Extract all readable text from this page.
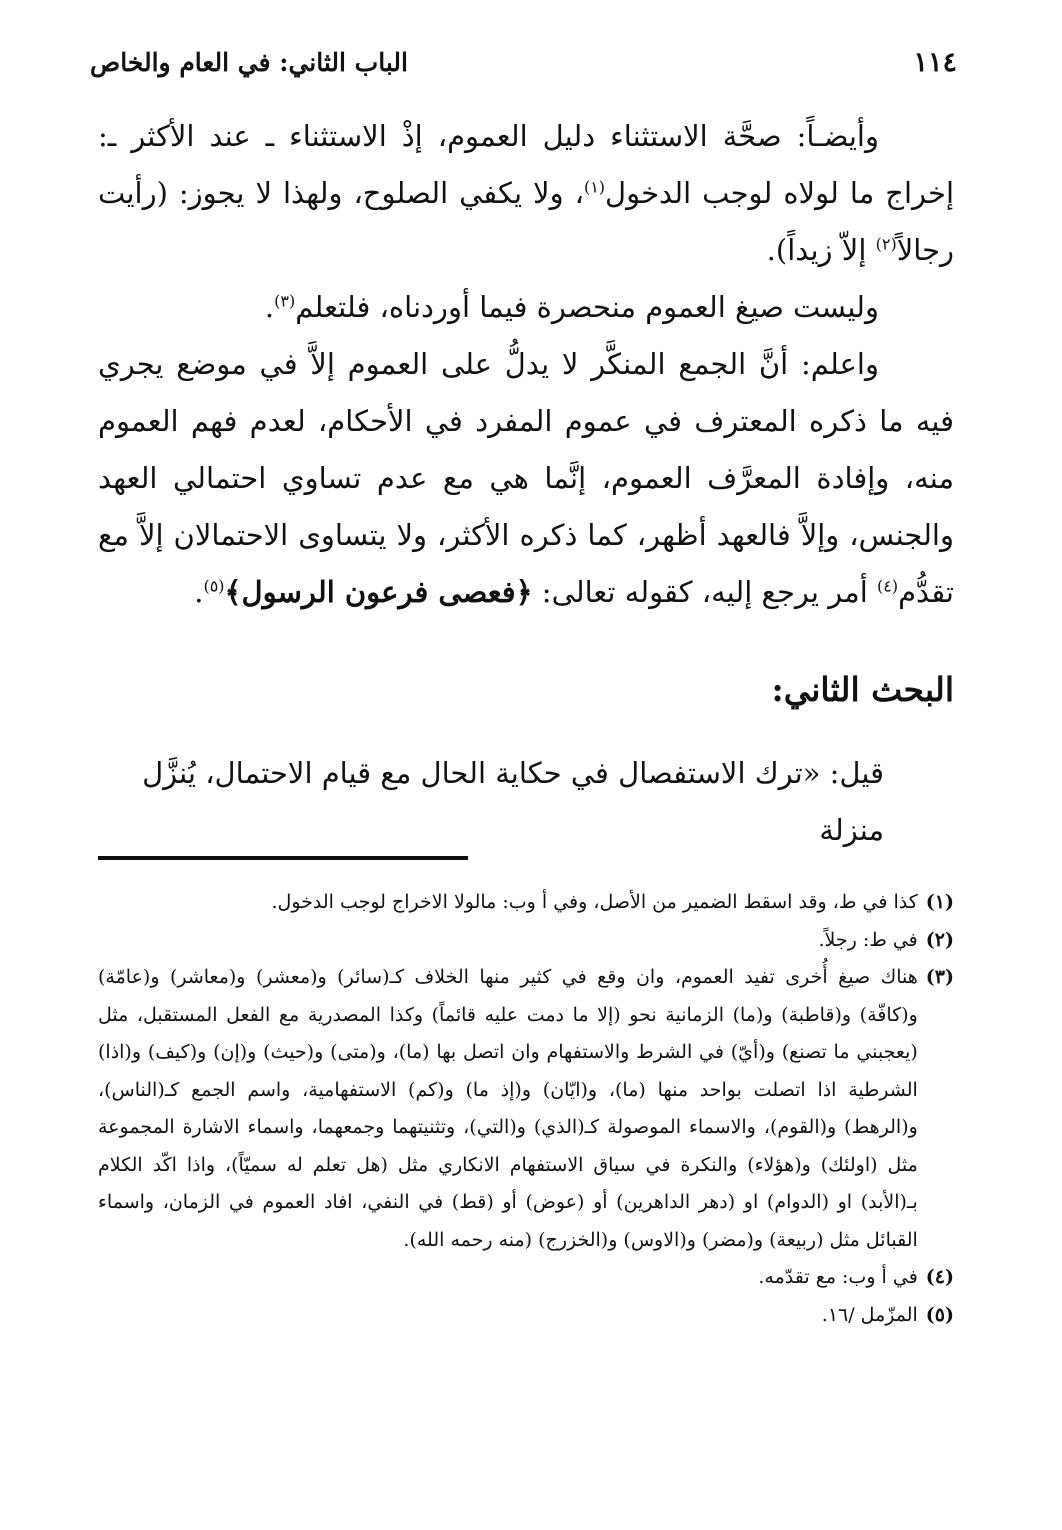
١١٤
الباب الثاني: في العام والخاص

وأيضـاً: صحَّة الاستثناء دليل العموم، إذْ الاستثناء ـ عند الأكثر ـ: إخراج ما لولاه لوجب الدخول$^{(١)}$، ولا يكفي الصلوح، ولهذا لا يجوز: (رأيت رجالاً$^{(٢)}$ إلاّ زيداً).

وليست صيغ العموم منحصرة فيما أوردناه، فلتعلم$^{(٣)}$.

واعلم: أنَّ الجمع المنكَّر لا يدلُّ على العموم إلاَّ في موضع يجري فيه ما ذكره المعترف في عموم المفرد في الأحكام، لعدم فهم العموم منه، وإفادة المعرَّف العموم، إنَّما هي مع عدم تساوي احتمالي العهد والجنس، وإلاَّ فالعهد أظهر، كما ذكره الأكثر، ولا يتساوى الاحتمالان إلاَّ مع تقدُّم$^{(٤)}$ أمر يرجع إليه، كقوله تعالى: ﴿فعصى فرعون الرسول﴾$^{(٥)}$.

البحث الثاني:

قيل: «ترك الاستفصال في حكاية الحال مع قيام الاحتمال، يُنزَّل منزلة

(١)
كذا في ط، وقد اسقط الضمير من الأصل، وفي أ وب: مالولا الاخراج لوجب الدخول.
(٢)
في ط: رجلاً.
(٣)
هناك صيغ أُخرى تفيد العموم، وان وقع في كثير منها الخلاف كـ(سائر) و(معشر) و(معاشر) و(عامّة) و(كافّة) و(قاطبة) و(ما) الزمانية نحو (إلا ما دمت عليه قائماً) وكذا المصدرية مع الفعل المستقبل، مثل (يعجبني ما تصنع) و(أيّ) في الشرط والاستفهام وان اتصل بها (ما)، و(متى) و(حيث) و(إن) و(كيف) و(اذا) الشرطية اذا اتصلت بواحد منها (ما)، و(ايّان) و(إذ ما) و(كم) الاستفهامية، واسم الجمع كـ(الناس)، و(الرهط) و(القوم)، والاسماء الموصولة كـ(الذي) و(التي)، وتثنيتهما وجمعهما، واسماء الاشارة المجموعة مثل (اولئك) و(هؤلاء) والنكرة في سياق الاستفهام الانكاري مثل (هل تعلم له سميّاً)، واذا اكّد الكلام بـ(الأبد) او (الدوام) او (دهر الداهرين) أو (عوض) أو (قط) في النفي، افاد العموم في الزمان، واسماء القبائل مثل (ربيعة) و(مضر) و(الاوس) و(الخزرج) (منه رحمه الله).
(٤)
في أ وب: مع تقدّمه.
(٥)
المزّمل /١٦.
